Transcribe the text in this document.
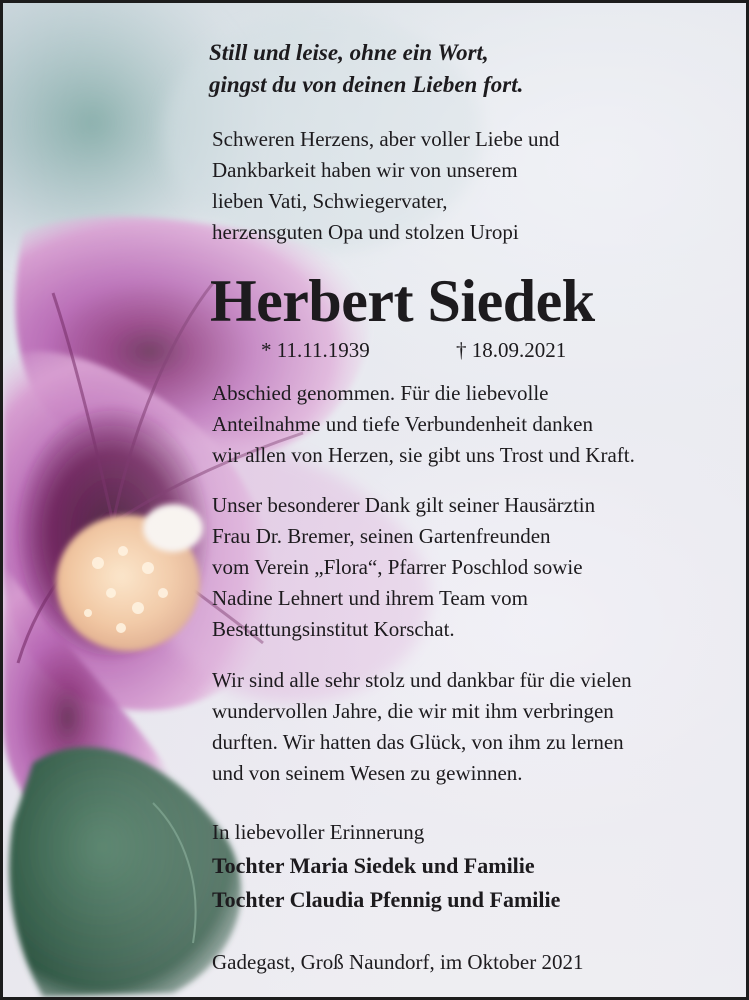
Still und leise, ohne ein Wort,
gingst du von deinen Lieben fort.
Schweren Herzens, aber voller Liebe und
Dankbarkeit haben wir von unserem
lieben Vati, Schwiegervater,
herzensguten Opa und stolzen Uropi
Herbert Siedek
* 11.11.1939	† 18.09.2021
Abschied genommen. Für die liebevolle
Anteilnahme und tiefe Verbundenheit danken
wir allen von Herzen, sie gibt uns Trost und Kraft.
Unser besonderer Dank gilt seiner Hausärztin
Frau Dr. Bremer, seinen Gartenfreunden
vom Verein „Flora“, Pfarrer Poschlod sowie
Nadine Lehnert und ihrem Team vom
Bestattungsinstitut Korschat.
Wir sind alle sehr stolz und dankbar für die vielen
wundervollen Jahre, die wir mit ihm verbringen
durften. Wir hatten das Glück, von ihm zu lernen
und von seinem Wesen zu gewinnen.
In liebevoller Erinnerung
Tochter Maria Siedek und Familie
Tochter Claudia Pfennig und Familie
Gadegast, Groß Naundorf, im Oktober 2021
